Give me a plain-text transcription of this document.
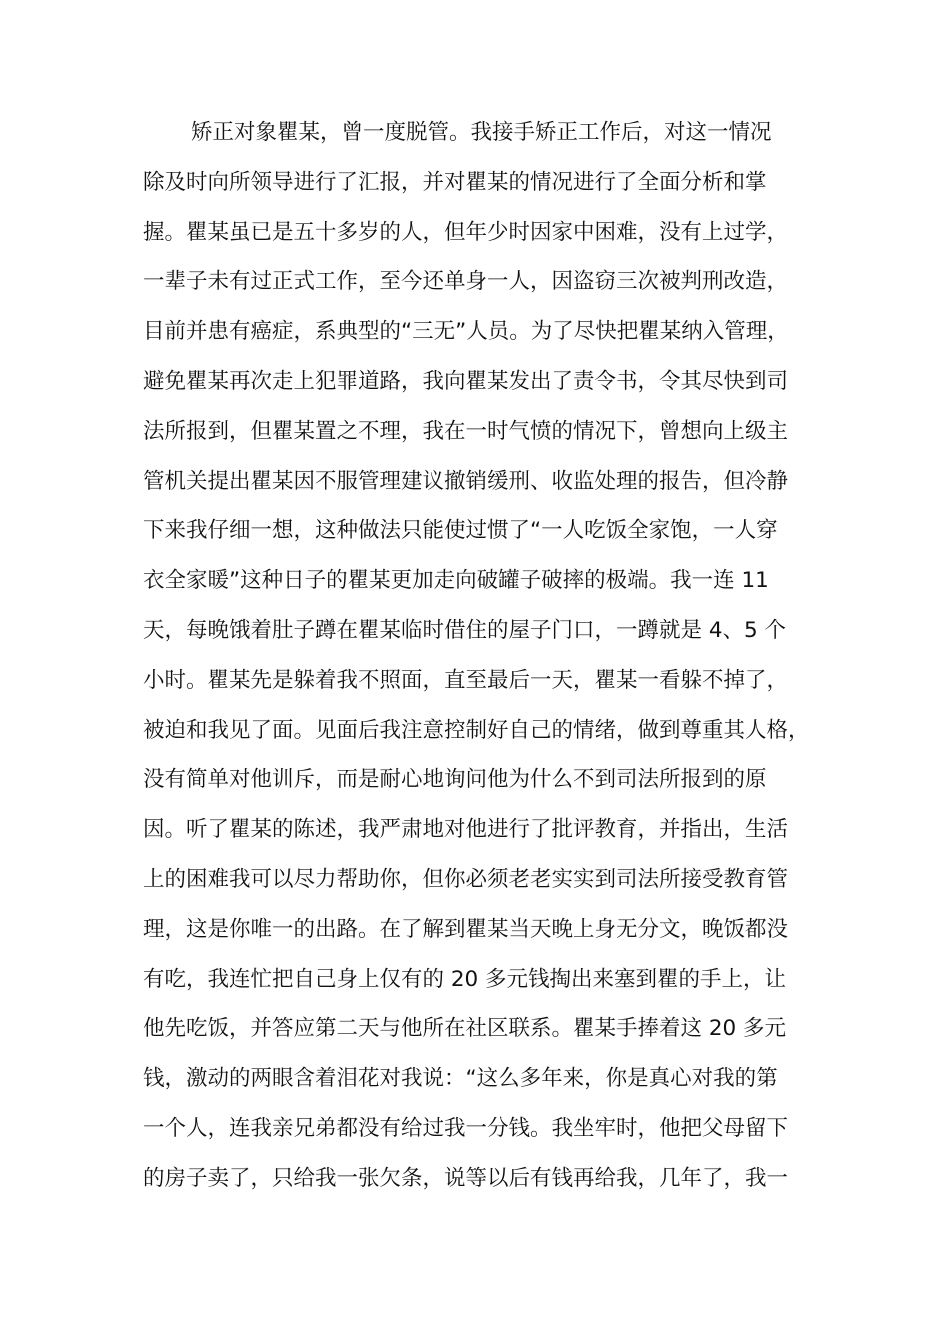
矫正对象瞿某，曾一度脱管。我接手矫正工作后，对这一情况
除及时向所领导进行了汇报，并对瞿某的情况进行了全面分析和掌
握。瞿某虽已是五十多岁的人，但年少时因家中困难，没有上过学，
一辈子未有过正式工作，至今还单身一人，因盗窃三次被判刑改造，
目前并患有癌症，系典型的“三无”人员。为了尽快把瞿某纳入管理，
避免瞿某再次走上犯罪道路，我向瞿某发出了责令书，令其尽快到司
法所报到，但瞿某置之不理，我在一时气愤的情况下，曾想向上级主
管机关提出瞿某因不服管理建议撤销缓刑、收监处理的报告，但冷静
下来我仔细一想，这种做法只能使过惯了“一人吃饭全家饱，一人穿
衣全家暖”这种日子的瞿某更加走向破罐子破摔的极端。我一连 11
天，每晚饿着肚子蹲在瞿某临时借住的屋子门口，一蹲就是 4、5 个
小时。瞿某先是躲着我不照面，直至最后一天，瞿某一看躲不掉了，
被迫和我见了面。见面后我注意控制好自己的情绪，做到尊重其人格，
没有简单对他训斥，而是耐心地询问他为什么不到司法所报到的原
因。听了瞿某的陈述，我严肃地对他进行了批评教育，并指出，生活
上的困难我可以尽力帮助你，但你必须老老实实到司法所接受教育管
理，这是你唯一的出路。在了解到瞿某当天晚上身无分文，晚饭都没
有吃，我连忙把自己身上仅有的 20 多元钱掏出来塞到瞿的手上，让
他先吃饭，并答应第二天与他所在社区联系。瞿某手捧着这 20 多元
钱，激动的两眼含着泪花对我说：“这么多年来，你是真心对我的第
一个人，连我亲兄弟都没有给过我一分钱。我坐牢时，他把父母留下
的房子卖了，只给我一张欠条，说等以后有钱再给我，几年了，我一
